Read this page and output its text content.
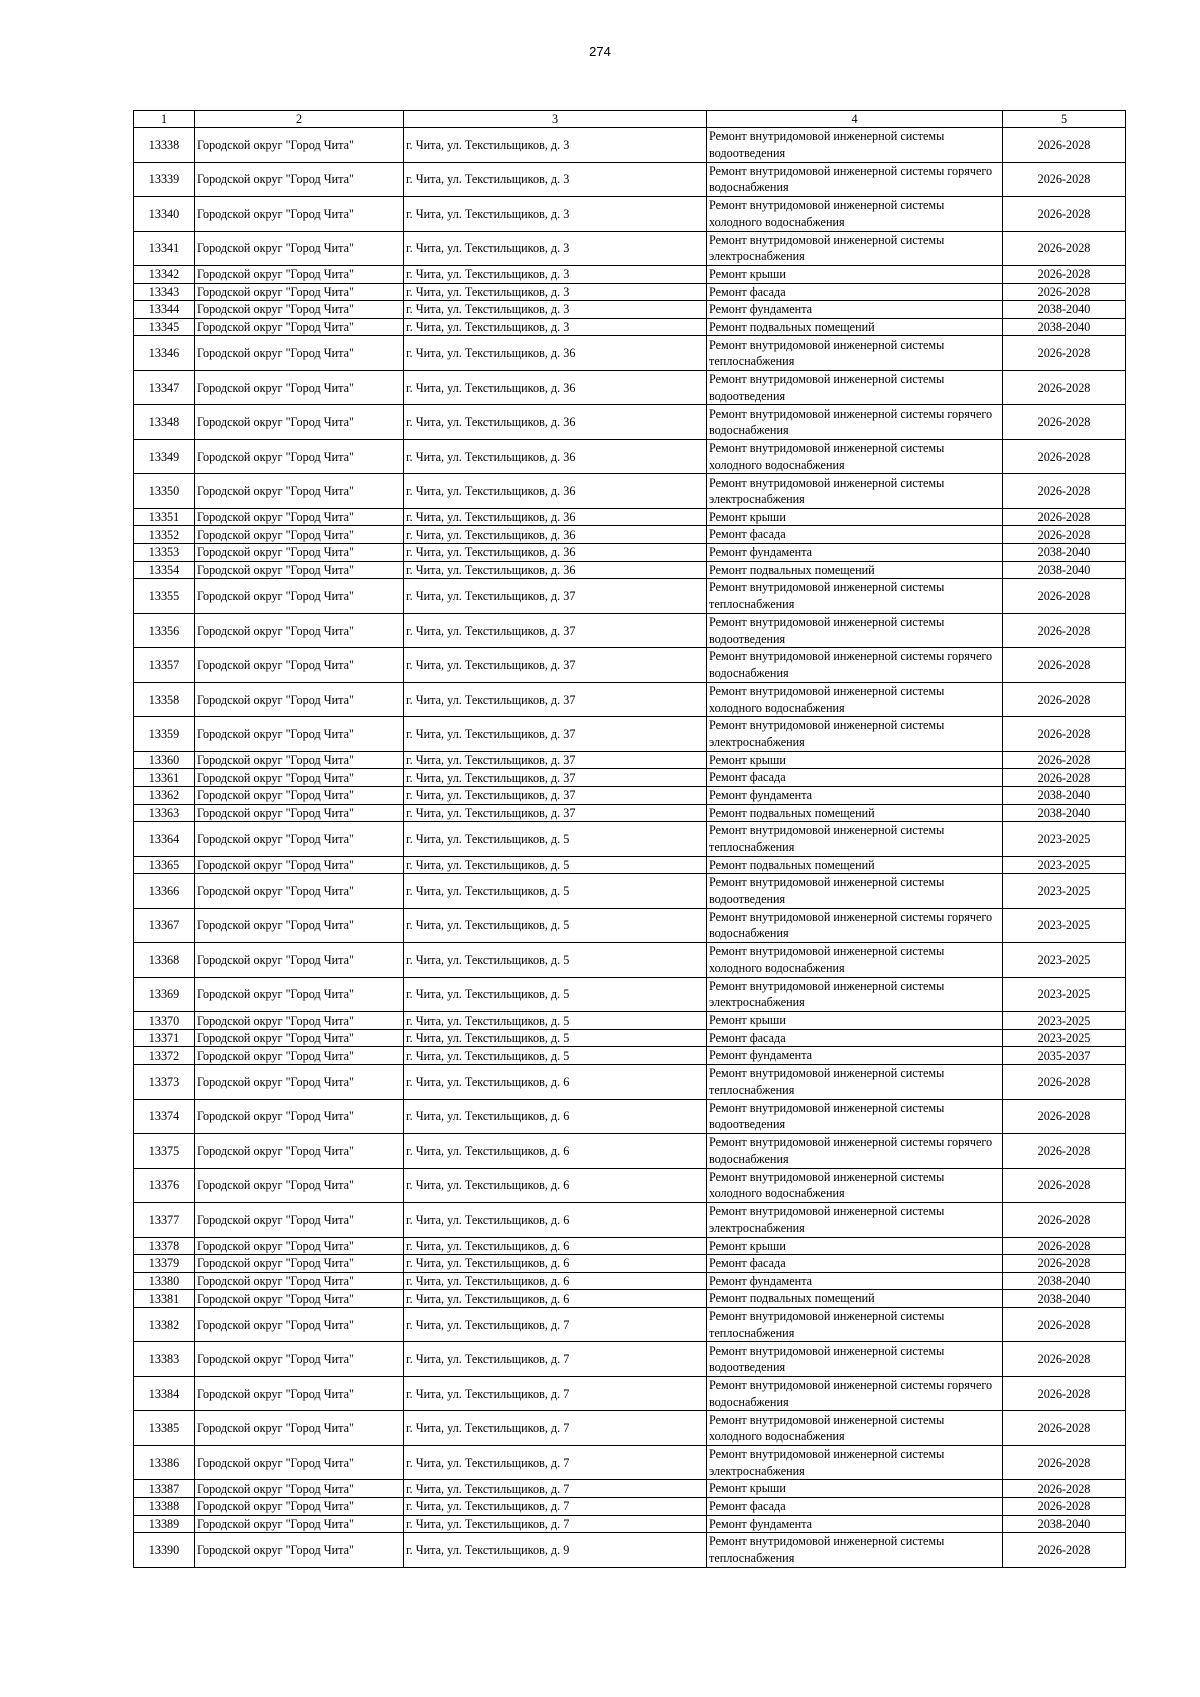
274
1	2	3	4	5
13338	Городской округ "Город Чита"	г. Чита, ул. Текстильщиков, д. 3	Ремонт внутридомовой инженерной системы водоотведения	2026-2028
13339	Городской округ "Город Чита"	г. Чита, ул. Текстильщиков, д. 3	Ремонт внутридомовой инженерной системы горячего водоснабжения	2026-2028
13340	Городской округ "Город Чита"	г. Чита, ул. Текстильщиков, д. 3	Ремонт внутридомовой инженерной системы холодного водоснабжения	2026-2028
13341	Городской округ "Город Чита"	г. Чита, ул. Текстильщиков, д. 3	Ремонт внутридомовой инженерной системы электроснабжения	2026-2028
13342	Городской округ "Город Чита"	г. Чита, ул. Текстильщиков, д. 3	Ремонт крыши	2026-2028
13343	Городской округ "Город Чита"	г. Чита, ул. Текстильщиков, д. 3	Ремонт фасада	2026-2028
13344	Городской округ "Город Чита"	г. Чита, ул. Текстильщиков, д. 3	Ремонт фундамента	2038-2040
13345	Городской округ "Город Чита"	г. Чита, ул. Текстильщиков, д. 3	Ремонт подвальных помещений	2038-2040
13346	Городской округ "Город Чита"	г. Чита, ул. Текстильщиков, д. 36	Ремонт внутридомовой инженерной системы теплоснабжения	2026-2028
13347	Городской округ "Город Чита"	г. Чита, ул. Текстильщиков, д. 36	Ремонт внутридомовой инженерной системы водоотведения	2026-2028
13348	Городской округ "Город Чита"	г. Чита, ул. Текстильщиков, д. 36	Ремонт внутридомовой инженерной системы горячего водоснабжения	2026-2028
13349	Городской округ "Город Чита"	г. Чита, ул. Текстильщиков, д. 36	Ремонт внутридомовой инженерной системы холодного водоснабжения	2026-2028
13350	Городской округ "Город Чита"	г. Чита, ул. Текстильщиков, д. 36	Ремонт внутридомовой инженерной системы электроснабжения	2026-2028
13351	Городской округ "Город Чита"	г. Чита, ул. Текстильщиков, д. 36	Ремонт крыши	2026-2028
13352	Городской округ "Город Чита"	г. Чита, ул. Текстильщиков, д. 36	Ремонт фасада	2026-2028
13353	Городской округ "Город Чита"	г. Чита, ул. Текстильщиков, д. 36	Ремонт фундамента	2038-2040
13354	Городской округ "Город Чита"	г. Чита, ул. Текстильщиков, д. 36	Ремонт подвальных помещений	2038-2040
13355	Городской округ "Город Чита"	г. Чита, ул. Текстильщиков, д. 37	Ремонт внутридомовой инженерной системы теплоснабжения	2026-2028
13356	Городской округ "Город Чита"	г. Чита, ул. Текстильщиков, д. 37	Ремонт внутридомовой инженерной системы водоотведения	2026-2028
13357	Городской округ "Город Чита"	г. Чита, ул. Текстильщиков, д. 37	Ремонт внутридомовой инженерной системы горячего водоснабжения	2026-2028
13358	Городской округ "Город Чита"	г. Чита, ул. Текстильщиков, д. 37	Ремонт внутридомовой инженерной системы холодного водоснабжения	2026-2028
13359	Городской округ "Город Чита"	г. Чита, ул. Текстильщиков, д. 37	Ремонт внутридомовой инженерной системы электроснабжения	2026-2028
13360	Городской округ "Город Чита"	г. Чита, ул. Текстильщиков, д. 37	Ремонт крыши	2026-2028
13361	Городской округ "Город Чита"	г. Чита, ул. Текстильщиков, д. 37	Ремонт фасада	2026-2028
13362	Городской округ "Город Чита"	г. Чита, ул. Текстильщиков, д. 37	Ремонт фундамента	2038-2040
13363	Городской округ "Город Чита"	г. Чита, ул. Текстильщиков, д. 37	Ремонт подвальных помещений	2038-2040
13364	Городской округ "Город Чита"	г. Чита, ул. Текстильщиков, д. 5	Ремонт внутридомовой инженерной системы теплоснабжения	2023-2025
13365	Городской округ "Город Чита"	г. Чита, ул. Текстильщиков, д. 5	Ремонт подвальных помещений	2023-2025
13366	Городской округ "Город Чита"	г. Чита, ул. Текстильщиков, д. 5	Ремонт внутридомовой инженерной системы водоотведения	2023-2025
13367	Городской округ "Город Чита"	г. Чита, ул. Текстильщиков, д. 5	Ремонт внутридомовой инженерной системы горячего водоснабжения	2023-2025
13368	Городской округ "Город Чита"	г. Чита, ул. Текстильщиков, д. 5	Ремонт внутридомовой инженерной системы холодного водоснабжения	2023-2025
13369	Городской округ "Город Чита"	г. Чита, ул. Текстильщиков, д. 5	Ремонт внутридомовой инженерной системы электроснабжения	2023-2025
13370	Городской округ "Город Чита"	г. Чита, ул. Текстильщиков, д. 5	Ремонт крыши	2023-2025
13371	Городской округ "Город Чита"	г. Чита, ул. Текстильщиков, д. 5	Ремонт фасада	2023-2025
13372	Городской округ "Город Чита"	г. Чита, ул. Текстильщиков, д. 5	Ремонт фундамента	2035-2037
13373	Городской округ "Город Чита"	г. Чита, ул. Текстильщиков, д. 6	Ремонт внутридомовой инженерной системы теплоснабжения	2026-2028
13374	Городской округ "Город Чита"	г. Чита, ул. Текстильщиков, д. 6	Ремонт внутридомовой инженерной системы водоотведения	2026-2028
13375	Городской округ "Город Чита"	г. Чита, ул. Текстильщиков, д. 6	Ремонт внутридомовой инженерной системы горячего водоснабжения	2026-2028
13376	Городской округ "Город Чита"	г. Чита, ул. Текстильщиков, д. 6	Ремонт внутридомовой инженерной системы холодного водоснабжения	2026-2028
13377	Городской округ "Город Чита"	г. Чита, ул. Текстильщиков, д. 6	Ремонт внутридомовой инженерной системы электроснабжения	2026-2028
13378	Городской округ "Город Чита"	г. Чита, ул. Текстильщиков, д. 6	Ремонт крыши	2026-2028
13379	Городской округ "Город Чита"	г. Чита, ул. Текстильщиков, д. 6	Ремонт фасада	2026-2028
13380	Городской округ "Город Чита"	г. Чита, ул. Текстильщиков, д. 6	Ремонт фундамента	2038-2040
13381	Городской округ "Город Чита"	г. Чита, ул. Текстильщиков, д. 6	Ремонт подвальных помещений	2038-2040
13382	Городской округ "Город Чита"	г. Чита, ул. Текстильщиков, д. 7	Ремонт внутридомовой инженерной системы теплоснабжения	2026-2028
13383	Городской округ "Город Чита"	г. Чита, ул. Текстильщиков, д. 7	Ремонт внутридомовой инженерной системы водоотведения	2026-2028
13384	Городской округ "Город Чита"	г. Чита, ул. Текстильщиков, д. 7	Ремонт внутридомовой инженерной системы горячего водоснабжения	2026-2028
13385	Городской округ "Город Чита"	г. Чита, ул. Текстильщиков, д. 7	Ремонт внутридомовой инженерной системы холодного водоснабжения	2026-2028
13386	Городской округ "Город Чита"	г. Чита, ул. Текстильщиков, д. 7	Ремонт внутридомовой инженерной системы электроснабжения	2026-2028
13387	Городской округ "Город Чита"	г. Чита, ул. Текстильщиков, д. 7	Ремонт крыши	2026-2028
13388	Городской округ "Город Чита"	г. Чита, ул. Текстильщиков, д. 7	Ремонт фасада	2026-2028
13389	Городской округ "Город Чита"	г. Чита, ул. Текстильщиков, д. 7	Ремонт фундамента	2038-2040
13390	Городской округ "Город Чита"	г. Чита, ул. Текстильщиков, д. 9	Ремонт внутридомовой инженерной системы теплоснабжения	2026-2028
